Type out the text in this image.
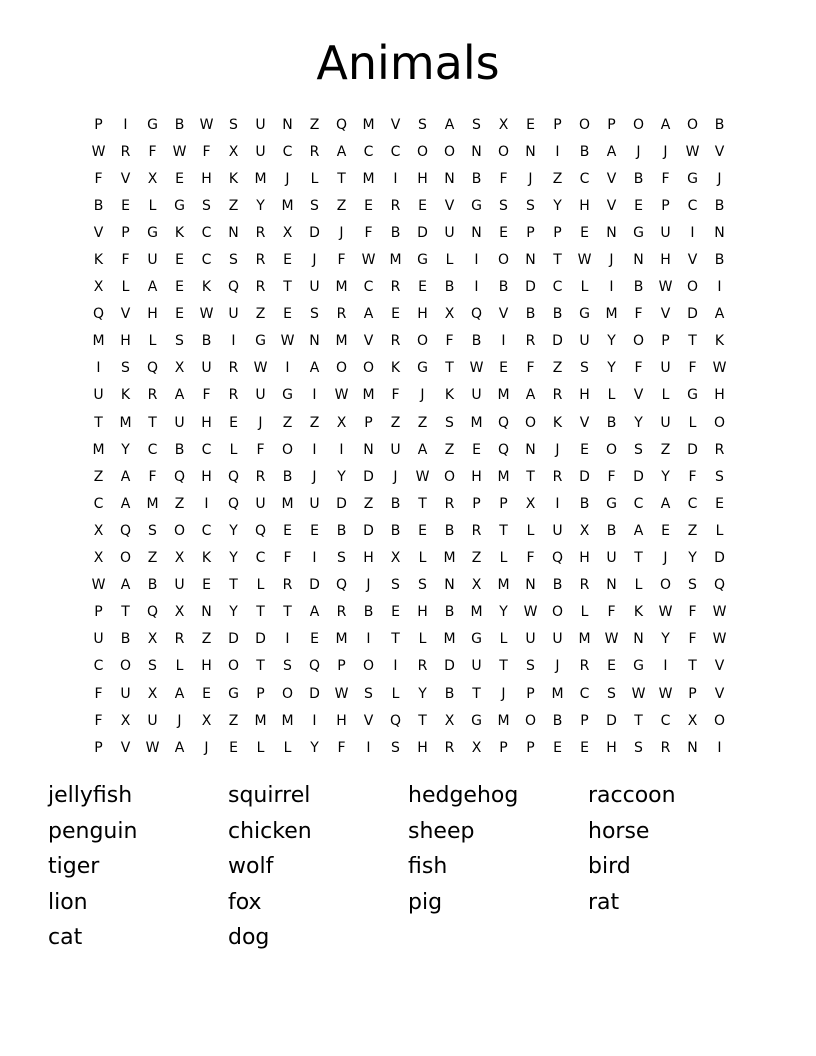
Animals
P	I	G	B	W	S	U	N	Z	Q	M	V	S	A	S	X	E	P	O	P	O	A	O	B
W	R	F	W	F	X	U	C	R	A	C	C	O	O	N	O	N	I	B	A	J	J	W	V
F	V	X	E	H	K	M	J	L	T	M	I	H	N	B	F	J	Z	C	V	B	F	G	J
B	E	L	G	S	Z	Y	M	S	Z	E	R	E	V	G	S	S	Y	H	V	E	P	C	B
V	P	G	K	C	N	R	X	D	J	F	B	D	U	N	E	P	P	E	N	G	U	I	N
K	F	U	E	C	S	R	E	J	F	W	M	G	L	I	O	N	T	W	J	N	H	V	B
X	L	A	E	K	Q	R	T	U	M	C	R	E	B	I	B	D	C	L	I	B	W	O	I
Q	V	H	E	W	U	Z	E	S	R	A	E	H	X	Q	V	B	B	G	M	F	V	D	A
M	H	L	S	B	I	G	W	N	M	V	R	O	F	B	I	R	D	U	Y	O	P	T	K
I	S	Q	X	U	R	W	I	A	O	O	K	G	T	W	E	F	Z	S	Y	F	U	F	W
U	K	R	A	F	R	U	G	I	W	M	F	J	K	U	M	A	R	H	L	V	L	G	H
T	M	T	U	H	E	J	Z	Z	X	P	Z	Z	S	M	Q	O	K	V	B	Y	U	L	O
M	Y	C	B	C	L	F	O	I	I	N	U	A	Z	E	Q	N	J	E	O	S	Z	D	R
Z	A	F	Q	H	Q	R	B	J	Y	D	J	W	O	H	M	T	R	D	F	D	Y	F	S
C	A	M	Z	I	Q	U	M	U	D	Z	B	T	R	P	P	X	I	B	G	C	A	C	E
X	Q	S	O	C	Y	Q	E	E	B	D	B	E	B	R	T	L	U	X	B	A	E	Z	L
X	O	Z	X	K	Y	C	F	I	S	H	X	L	M	Z	L	F	Q	H	U	T	J	Y	D
W	A	B	U	E	T	L	R	D	Q	J	S	S	N	X	M	N	B	R	N	L	O	S	Q
P	T	Q	X	N	Y	T	T	A	R	B	E	H	B	M	Y	W	O	L	F	K	W	F	W
U	B	X	R	Z	D	D	I	E	M	I	T	L	M	G	L	U	U	M	W	N	Y	F	W
C	O	S	L	H	O	T	S	Q	P	O	I	R	D	U	T	S	J	R	E	G	I	T	V
F	U	X	A	E	G	P	O	D	W	S	L	Y	B	T	J	P	M	C	S	W W	P	V
F	X	U	J	X	Z	M	M	I	H	V	Q	T	X	G	M	O	B	P	D	T	C	X	O
P	V	W	A	J	E	L	L	Y	F	I	S	H	R	X	P	P	E	E	H	S	R	N	I
jellyfish	squirrel	hedgehog	raccoon
penguin	chicken	sheep	horse
tiger	wolf	fish	bird
lion	fox	pig	rat
cat	dog
